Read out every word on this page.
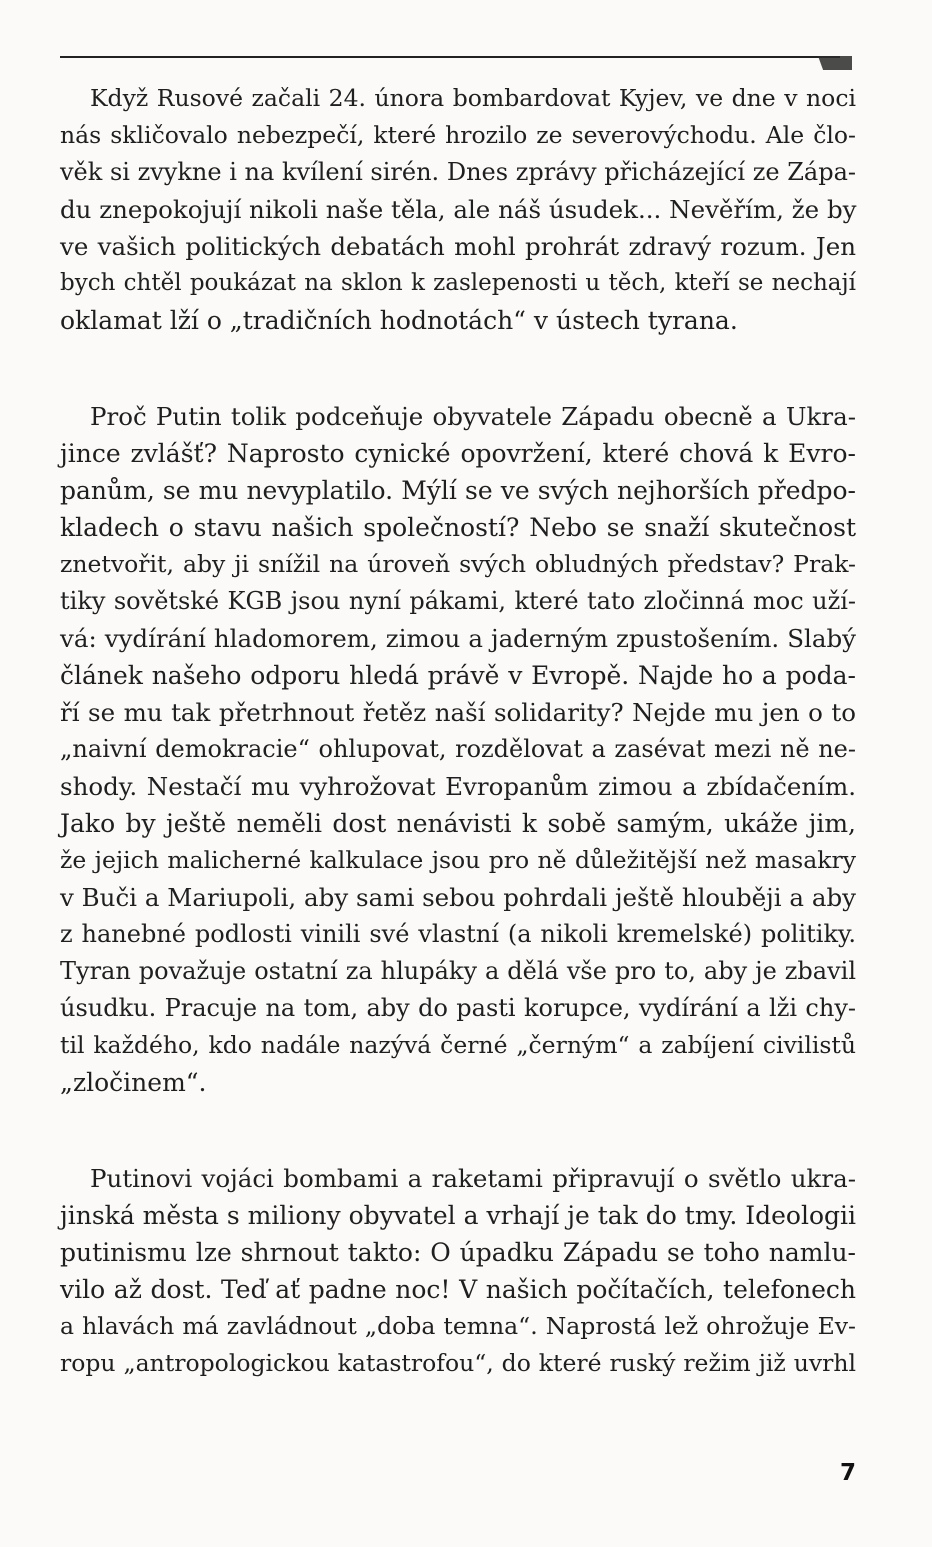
Když Rusové začali 24. února bombardovat Kyjev, ve dne v noci
nás skličovalo nebezpečí, které hrozilo ze severovýchodu. Ale člo-
věk si zvykne i na kvílení sirén. Dnes zprávy přicházející ze Zápa-
du znepokojují nikoli naše těla, ale náš úsudek... Nevěřím, že by
ve vašich politických debatách mohl prohrát zdravý rozum. Jen
bych chtěl poukázat na sklon k zaslepenosti u těch, kteří se nechají
oklamat lží o „tradičních hodnotách“ v ústech tyrana.
Proč Putin tolik podceňuje obyvatele Západu obecně a Ukra-
jince zvlášť? Naprosto cynické opovržení, které chová k Evro-
panům, se mu nevyplatilo. Mýlí se ve svých nejhorších předpo-
kladech o stavu našich společností? Nebo se snaží skutečnost
znetvořit, aby ji snížil na úroveň svých obludných představ? Prak-
tiky sovětské KGB jsou nyní pákami, které tato zločinná moc uží-
vá: vydírání hladomorem, zimou a jaderným zpustošením. Slabý
článek našeho odporu hledá právě v Evropě. Najde ho a poda-
ří se mu tak přetrhnout řetěz naší solidarity? Nejde mu jen o to
„naivní demokracie“ ohlupovat, rozdělovat a zasévat mezi ně ne-
shody. Nestačí mu vyhrožovat Evropanům zimou a zbídačením.
Jako by ještě neměli dost nenávisti k sobě samým, ukáže jim,
že jejich malicherné kalkulace jsou pro ně důležitější než masakry
v Buči a Mariupoli, aby sami sebou pohrdali ještě hlouběji a aby
z hanebné podlosti vinili své vlastní (a nikoli kremelské) politiky.
Tyran považuje ostatní za hlupáky a dělá vše pro to, aby je zbavil
úsudku. Pracuje na tom, aby do pasti korupce, vydírání a lži chy-
til každého, kdo nadále nazývá černé „černým“ a zabíjení civilistů
„zločinem“.
Putinovi vojáci bombami a raketami připravují o světlo ukra-
jinská města s miliony obyvatel a vrhají je tak do tmy. Ideologii
putinismu lze shrnout takto: O úpadku Západu se toho namlu-
vilo až dost. Teď ať padne noc! V našich počítačích, telefonech
a hlavách má zavládnout „doba temna“. Naprostá lež ohrožuje Ev-
ropu „antropologickou katastrofou“, do které ruský režim již uvrhl
7
